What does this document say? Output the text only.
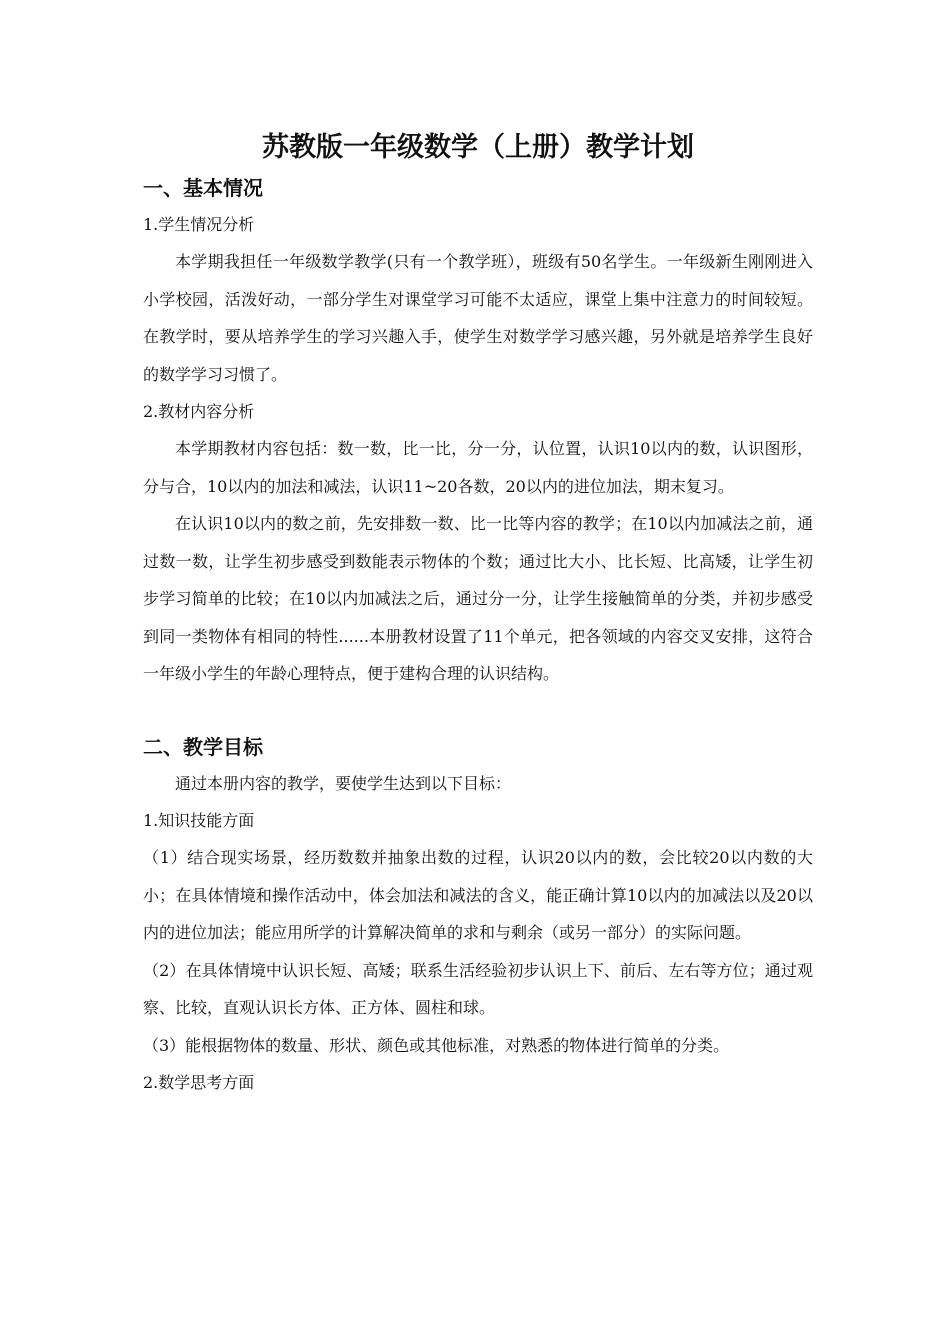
苏教版一年级数学（上册）教学计划
一、基本情况

1.学生情况分析

本学期我担任一年级数学教学(只有一个教学班），班级有50名学生。一年级新生刚刚进入小学校园，活泼好动，一部分学生对课堂学习可能不太适应，课堂上集中注意力的时间较短。在教学时，要从培养学生的学习兴趣入手，使学生对数学学习感兴趣，另外就是培养学生良好的数学学习习惯了。

2.教材内容分析

本学期教材内容包括：数一数，比一比，分一分，认位置，认识10以内的数，认识图形，分与合，10以内的加法和减法，认识11~20各数，20以内的进位加法，期末复习。

在认识10以内的数之前，先安排数一数、比一比等内容的教学；在10以内加减法之前，通过数一数，让学生初步感受到数能表示物体的个数；通过比大小、比长短、比高矮，让学生初步学习简单的比较；在10以内加减法之后，通过分一分，让学生接触简单的分类，并初步感受到同一类物体有相同的特性......本册教材设置了11个单元，把各领域的内容交叉安排，这符合一年级小学生的年龄心理特点，便于建构合理的认识结构。

二、教学目标

通过本册内容的教学，要使学生达到以下目标：

1.知识技能方面

（1）结合现实场景，经历数数并抽象出数的过程，认识20以内的数，会比较20以内数的大小；在具体情境和操作活动中，体会加法和减法的含义，能正确计算10以内的加减法以及20以内的进位加法；能应用所学的计算解决简单的求和与剩余（或另一部分）的实际问题。

（2）在具体情境中认识长短、高矮；联系生活经验初步认识上下、前后、左右等方位；通过观察、比较，直观认识长方体、正方体、圆柱和球。

（3）能根据物体的数量、形状、颜色或其他标准，对熟悉的物体进行简单的分类。

2.数学思考方面
